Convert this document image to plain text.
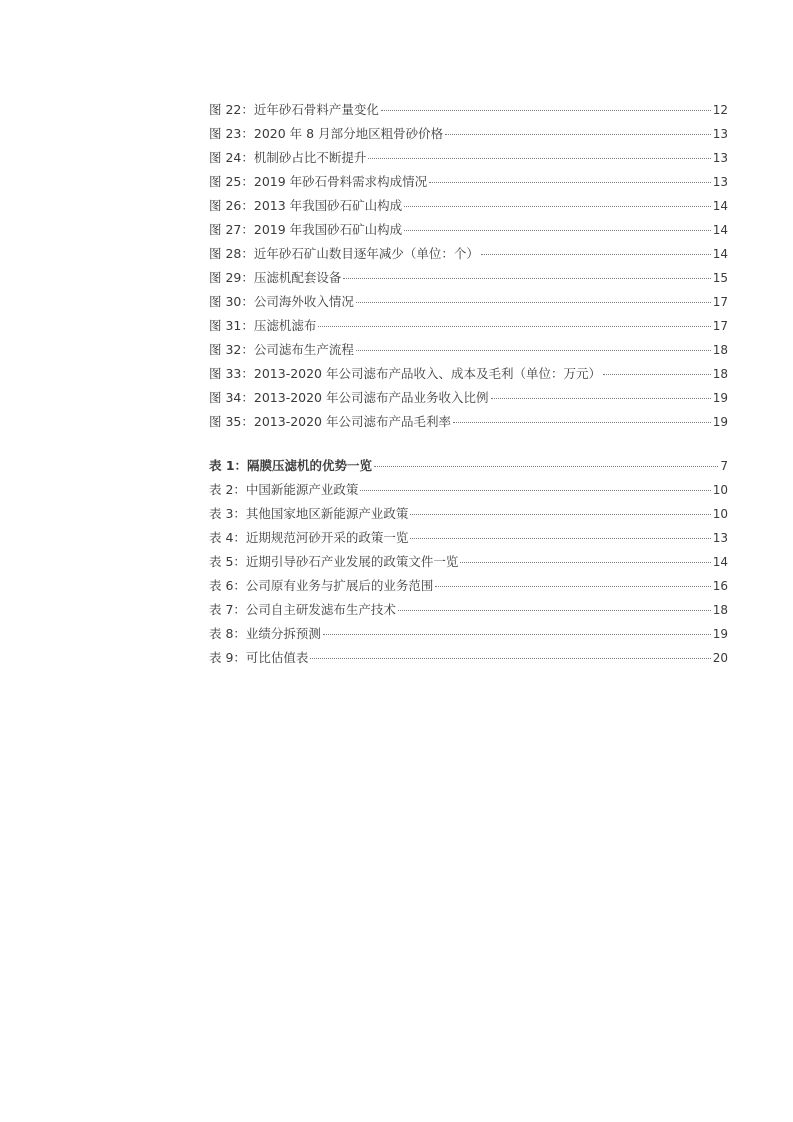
图 22：近年砂石骨料产量变化	12
图 23：2020 年 8 月部分地区粗骨砂价格	13
图 24：机制砂占比不断提升	13
图 25：2019 年砂石骨料需求构成情况	13
图 26：2013 年我国砂石矿山构成	14
图 27：2019 年我国砂石矿山构成	14
图 28：近年砂石矿山数目逐年减少（单位：个）	14
图 29：压滤机配套设备	15
图 30：公司海外收入情况	17
图 31：压滤机滤布	17
图 32：公司滤布生产流程	18
图 33：2013-2020 年公司滤布产品收入、成本及毛利（单位：万元）	18
图 34：2013-2020 年公司滤布产品业务收入比例	19
图 35：2013-2020 年公司滤布产品毛利率	19
表 1：隔膜压滤机的优势一览	7
表 2：中国新能源产业政策	10
表 3：其他国家地区新能源产业政策	10
表 4：近期规范河砂开采的政策一览	13
表 5：近期引导砂石产业发展的政策文件一览	14
表 6：公司原有业务与扩展后的业务范围	16
表 7：公司自主研发滤布生产技术	18
表 8：业绩分拆预测	19
表 9：可比估值表	20
